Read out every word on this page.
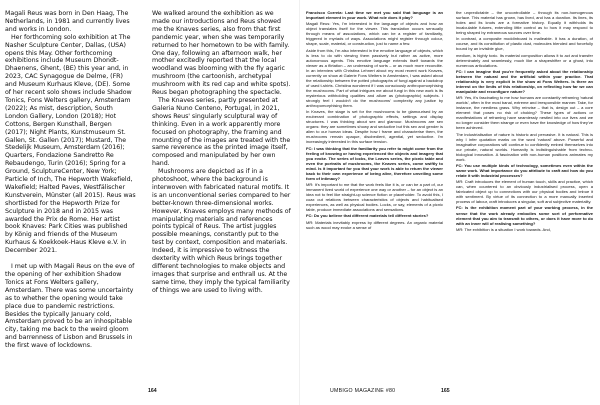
Magali Reus was born in Den Haag, The Netherlands, in 1981 and currently lives and works in London.

Her forthcoming solo exhibition at The Nasher Sculpture Center, Dallas, (USA) opens this May. Other forthcoming exhibitions include Museum Dhondt-Dhaenens, Ghent, (BE) this year and, in 2023, CAC Synagogue de Delme, (FR) and Museum Kurhaus Kleve, (DE). Some of her recent solo shows include Shadow Tonics, Fons Welters gallery, Amsterdam (2022); As mist, description, South London Gallery, London (2018); Hot Cottons, Bergen Kunsthall, Bergen (2017); Night Plants, Kunstmuseum St. Gallen, St. Gallen (2017); Mustard, The Stedelijk Museum, Amsterdam (2016); Quarters, Fondazione Sandretto Re Rebaudengo, Turin (2016); Spring for a Ground, SculptureCenter, New York; Particle of Inch, The Hepworth Wakefield, Wakefield; Halted Paves, Westfälischer Kunstverein, Münster (all 2015). Reus was shortlisted for the Hepworth Prize for Sculpture in 2018 and in 2015 was awarded the Prix de Rome. Her artist book Knaves: Park Cities was published by König and friends of the Museum Kurhaus & Koekkoek-Haus Kleve e.V. in December 2021.

I met up with Magali Reus on the eve of the opening of her exhibition Shadow Tonics at Fons Welters gallery, Amsterdam. There was some uncertainty as to whether the opening would take place due to pandemic restrictions. Besides the typically January cold, Amsterdam proved to be an inhospitable city, taking me back to the weird gloom and barrenness of Lisbon and Brussels in the first wave of lockdowns.

We walked around the exhibition as we made our introductions and Reus showed me the Knaves series, also from that first pandemic year, when she was temporarily returned to her hometown to be with family. One day, following an afternoon walk, her mother excitedly reported that the local woodland was blooming with the fly agaric mushroom (the cartoonish, archetypal mushroom with its red cap and white spots). Reus began photographing the spectacle.

The Knaves series, partly presented at Galeria Nuno Centeno, Portugal, in 2021, shows Reus' singularly sculptural way of thinking. Even in a work apparently more focused on photography, the framing and mounting of the images are treated with the same reverence as the printed image itself, composed and manipulated by her own hand.

Mushrooms are depicted as if in a photoshoot, where the background is interwoven with fabricated natural motifs. It is an unconventional series compared to her better-known three-dimensional works. However, Knaves employs many methods of manipulating materials and references points typical of Reus. The artist juggles possible meanings, constantly put to the test by context, composition and materials. Indeed, it is impressive to witness the dexterity with which Reus brings together different technologies to make objects and images that surprise and enthrall us. At the same time, they imply the typical familiarity of things we are used to living with.

164

Francisco Correia: Last time we met you said that language is an important element in your work. What role does it play?

Magali Reus: Yes, I'm interested in the language of objects and how an object translates itself for the viewer. This translation occurs sensually through means of associations, which can be a register of familiarity, triggered in myriads of ways. Associations might register through colour, shape, scale, material, or construction, just to name a few.

Aside from this, I'm also interested in the emotive language of objects, which is less to do with viewing them passively but rather as active, more autonomous agents. This emotive language extends itself towards the viewer as a flirtation – an undressing of sorts – or as much more recondite. In an interview with Christina Lehnert about my most recent work Knaves, currently on show at Galerie Fons Welters in Amsterdam, I was asked about the relationship between the potted photographs of fungi against a backdrop of used t-shirts. Christina wondered if I was consciously anthropomorphising the mushrooms. Part of what intrigues me about fungi in this new work is its mysterious withholding qualities and allure as (photographic) subjects. I strongly feel I wouldn't do the mushrooms' complexity any justice by anthropomorphising them.

In Knaves, the stage is set for the mushrooms to be glamourised by an exuberant combination of photographic effects, settings and display structures. I was thinking about sex and glamour. Mushrooms are sex organs: they are sometimes showy and seductive but this sex and gender is alien to our human ideas. Despite how I frame and characterise them, the mushrooms remain opaque, disobedient, agential, yet seductive. I'm increasingly interested in this surface tension.

FC: I was thinking that the familiarity you refer to might come from the feeling of knowing or having experienced the objects and imagery that you evoke. The series of locks, the Leaves series, the picnic table and even the portraits of mushrooms, the Knaves series, come swiftly to mind. Is it important for you that your work is able to return the viewer back to their own experience of being alive, therefore unveiling some form of intimacy?

MR: It's important to me that the work feels like it is, or can be a part of, our immanent lived world of experience one way or another – for an object is an idea not to feel like straight-up science fiction or placeholder. To avoid this, I coax out relations between characteristics of objects and habitualised experiences, as well as physical bodies. Locks, or say, elements of a picnic table, produce immediate associations and sensations.

FC: Do you believe that different materials tell different stories?

MR: Materials inevitably express by different degrees. An organic material such as wood may evoke a sense of

the unpredictable – the uncontrollable – through its non-homogenous surface. This material has grown, has lived, and has a duration. Its lines, its holes and its knots are a formative history. Equally it withholds its incalculable futures, extending little control as to how it may respond to being shaped by extraneous sources over time.

In contrast, a composite moddinboard is malleable. It has a duration, of course, and its constitution of plastic dust, molecules blended and forcefully bound by an invisible glue,

medium, is highly toxic. Its material composition allows it to act and transfer determinately and seamlessly, much like a shapeshifter or a ghost, into numerous articulations.

FC: I can imagine that you're frequently asked about the relationship between the natural and the artificial within your practice. That relationship is very explicit in the show at Fons Welters. Is there an interest on the limits of this relationship, on reflecting how far we can manipulate and reconfigure nature?

MR: Yes, it's fascinating to me how humans are constantly reframing 'natural worlds', often in the most banal, extreme and irresponsible manner. Take, for instance, the needless grass. Why reinvise – that is, design out – a core element that poses no risk of choking? These types of actions or manifestations of reframing have seamlessly nestled into our lives and we no longer consider them strange or even have the knowledge of how they've been achieved.

The industrialisation of nature is historic and pervasive. It is natural. This is why I infer quotation marks on the word 'natural' above. Powerful and imaginative corporations will continue to confidently embed themselves into our private, natural worlds. Humanity is indistinguishable from techno-biological innovation. A fascination with non-human positions animates my work.

FC: You use multiple kinds of technology, sometimes even within the same work. What importance do you attribute to craft and how do you relate it with industrial processes?

MR: Craft introduces the element of human touch, skills and practice, which can, when countered to an obviously industrialised process, open a fabricated object up to connections with our physical bodies and imbue it with sentiment. By virtue of its connection to a more manually inserted process of labour, craft introduces a singular, soft and subjective materiality.

FC: Is the exhibition moment part of your working process, in the sense that the work already embodies some sort of performative element that you aim to transmit to others, or does it have more to do with an inner will of realising something?

MR: The exhibition is a situation I work towards. And,

UMBIGO MAGAZINE #80	165
